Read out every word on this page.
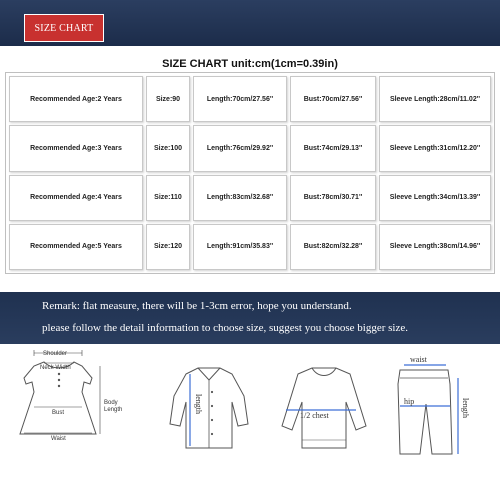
SIZE CHART
SIZE CHART unit:cm(1cm=0.39in)
Recommended Age:2 Years	Size:90	Length:70cm/27.56''	Bust:70cm/27.56''	Sleeve Length:28cm/11.02''
Recommended Age:3 Years	Size:100	Length:76cm/29.92''	Bust:74cm/29.13''	Sleeve Length:31cm/12.20''
Recommended Age:4 Years	Size:110	Length:83cm/32.68''	Bust:78cm/30.71''	Sleeve Length:34cm/13.39''
Recommended Age:5 Years	Size:120	Length:91cm/35.83''	Bust:82cm/32.28''	Sleeve Length:38cm/14.96''

Remark: flat measure, there will be 1-3cm error, hope you understand.

please follow the detail information to choose size, suggest you choose bigger size.

Shoulder
Neck Width
Bust
Waist
Body Length	length
1/2 chest
waist
hip	length
